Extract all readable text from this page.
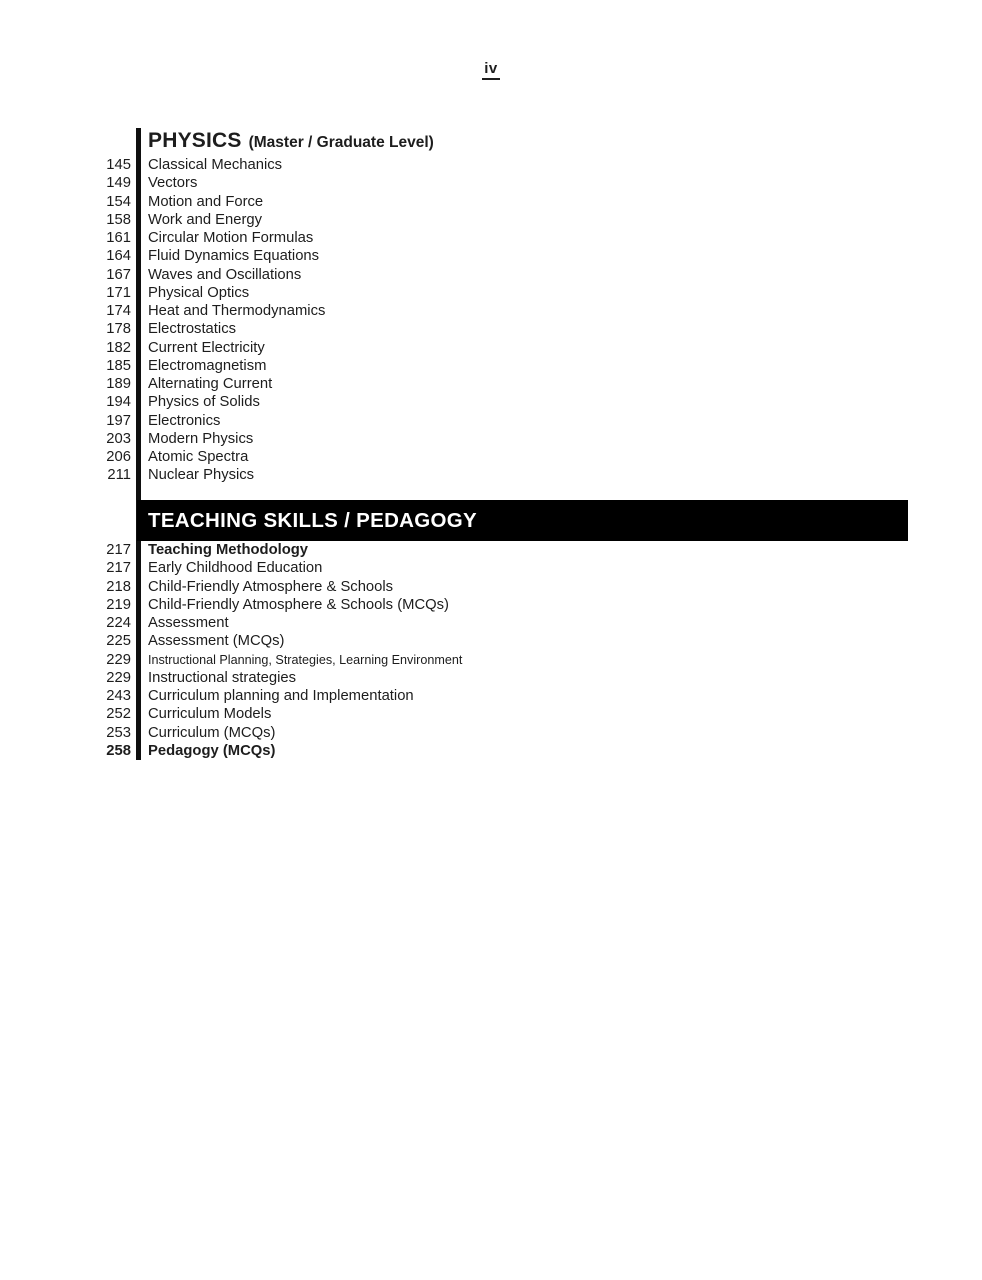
iv
PHYSICS (Master / Graduate Level)
145 Classical Mechanics
149 Vectors
154 Motion and Force
158 Work and Energy
161 Circular Motion Formulas
164 Fluid Dynamics Equations
167 Waves and Oscillations
171 Physical Optics
174 Heat and Thermodynamics
178 Electrostatics
182 Current Electricity
185 Electromagnetism
189 Alternating Current
194 Physics of Solids
197 Electronics
203 Modern Physics
206 Atomic Spectra
211 Nuclear Physics
TEACHING SKILLS / PEDAGOGY
217 Teaching Methodology
217 Early Childhood Education
218 Child-Friendly Atmosphere & Schools
219 Child-Friendly Atmosphere & Schools (MCQs)
224 Assessment
225 Assessment (MCQs)
229 Instructional Planning, Strategies, Learning Environment
229 Instructional strategies
243 Curriculum planning and Implementation
252 Curriculum Models
253 Curriculum (MCQs)
258 Pedagogy (MCQs)
